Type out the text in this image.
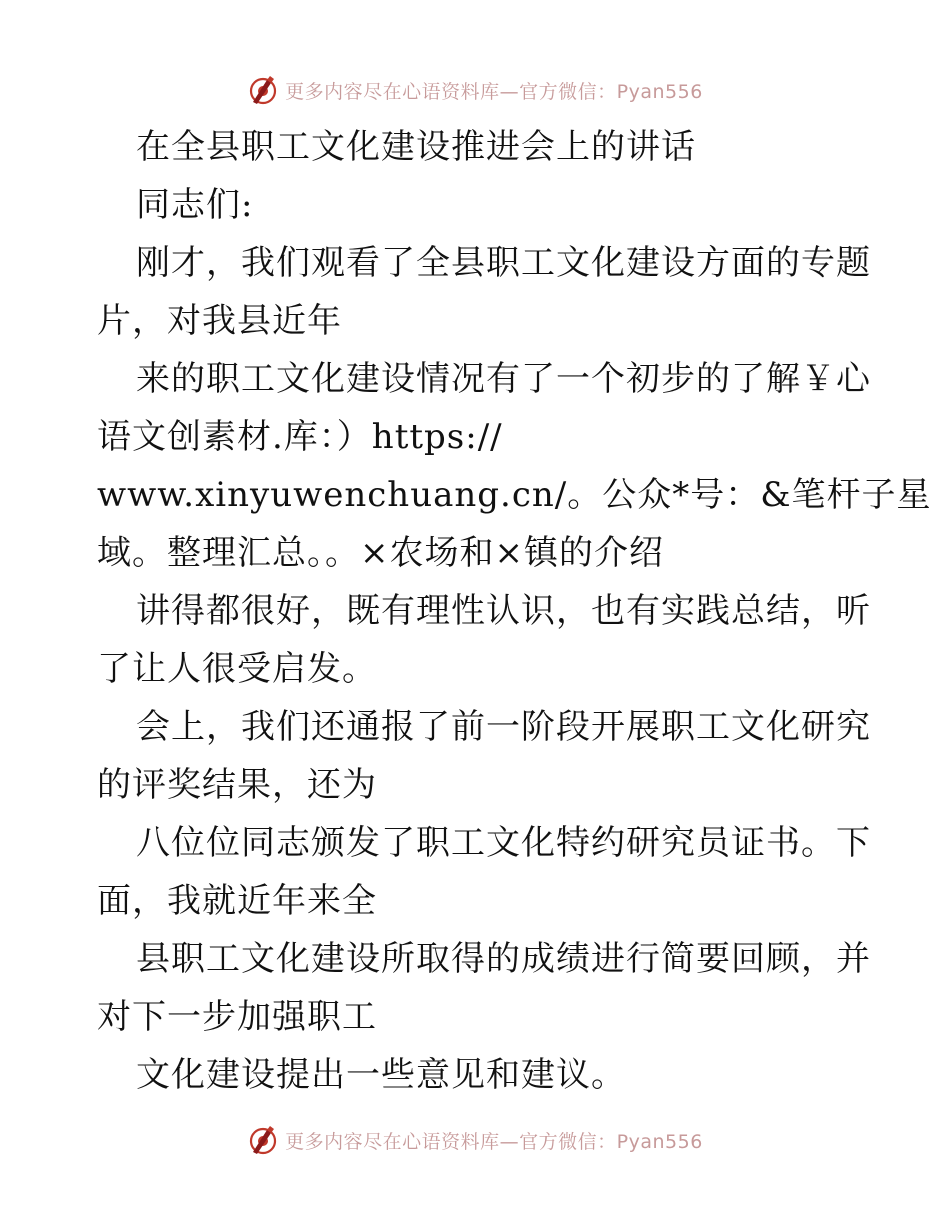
更多内容尽在心语资料库—官方微信：Pyan556
在全县职工文化建设推进会上的讲话
同志们:
刚才，我们观看了全县职工文化建设方面的专题
片，对我县近年
来的职工文化建设情况有了一个初步的了解￥心
语文创素材.库：）https://
www.xinyuwenchuang.cn/。公众*号：&笔杆子星
域。整理汇总。。×农场和×镇的介绍
讲得都很好，既有理性认识，也有实践总结，听
了让人很受启发。
会上，我们还通报了前一阶段开展职工文化研究
的评奖结果，还为
八位位同志颁发了职工文化特约研究员证书。下
面，我就近年来全
县职工文化建设所取得的成绩进行简要回顾，并
对下一步加强职工
文化建设提出一些意见和建议。
更多内容尽在心语资料库—官方微信：Pyan556
